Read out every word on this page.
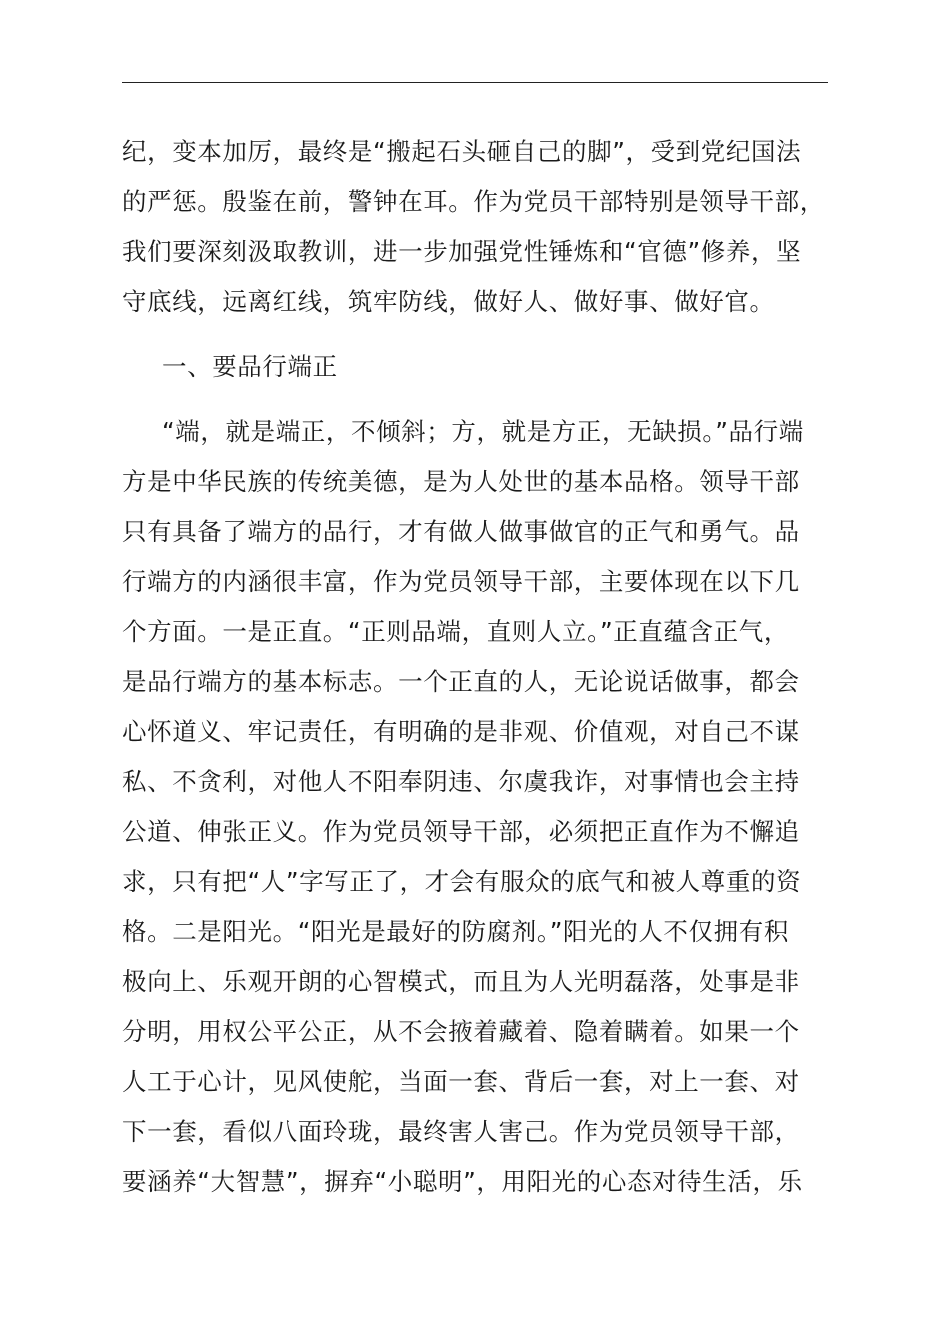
纪，变本加厉，最终是“搬起石头砸自己的脚”，受到党纪国法
的严惩。殷鉴在前，警钟在耳。作为党员干部特别是领导干部，
我们要深刻汲取教训，进一步加强党性锤炼和“官德”修养，坚
守底线，远离红线，筑牢防线，做好人、做好事、做好官。
一、要品行端正
“端，就是端正，不倾斜；方，就是方正，无缺损。”品行端
方是中华民族的传统美德，是为人处世的基本品格。领导干部
只有具备了端方的品行，才有做人做事做官的正气和勇气。品
行端方的内涵很丰富，作为党员领导干部，主要体现在以下几
个方面。一是正直。“正则品端，直则人立。”正直蕴含正气，
是品行端方的基本标志。一个正直的人，无论说话做事，都会
心怀道义、牢记责任，有明确的是非观、价值观，对自己不谋
私、不贪利，对他人不阳奉阴违、尔虞我诈，对事情也会主持
公道、伸张正义。作为党员领导干部，必须把正直作为不懈追
求，只有把“人”字写正了，才会有服众的底气和被人尊重的资
格。二是阳光。“阳光是最好的防腐剂。”阳光的人不仅拥有积
极向上、乐观开朗的心智模式，而且为人光明磊落，处事是非
分明，用权公平公正，从不会掖着藏着、隐着瞒着。如果一个
人工于心计，见风使舵，当面一套、背后一套，对上一套、对
下一套，看似八面玲珑，最终害人害己。作为党员领导干部，
要涵养“大智慧”，摒弃“小聪明”，用阳光的心态对待生活，乐
